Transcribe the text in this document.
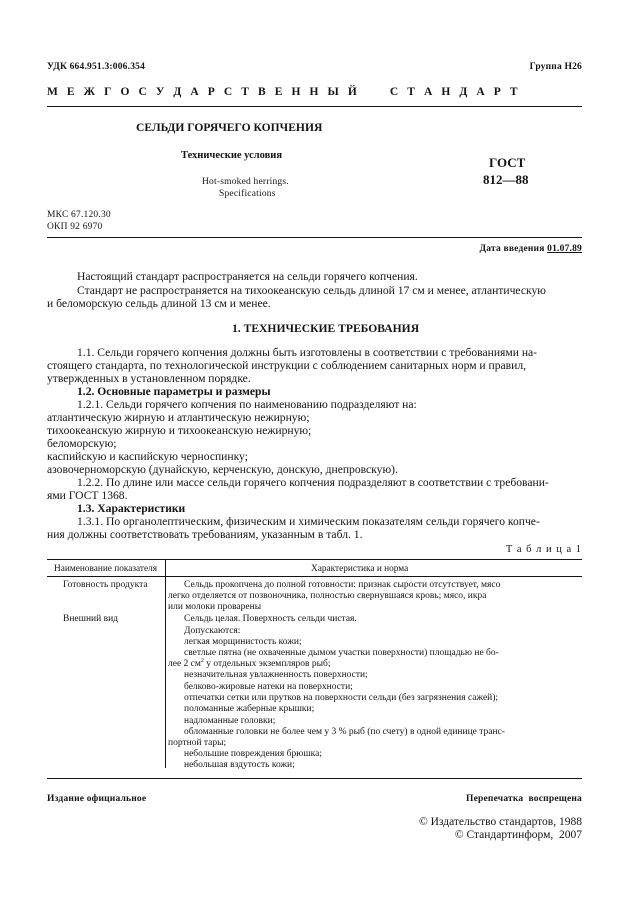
УДК 664.951.3:006.354	Группа Н26
М Е Ж Г О С У Д А Р С Т В Е Н Н Ы Й     С Т А Н Д А Р Т
СЕЛЬДИ ГОРЯЧЕГО КОПЧЕНИЯ
Технические условия
Hot-smoked herrings.
Specifications
ГОСТ
812—88
МКС 67.120.30
ОКП 92 6970
Дата введения 01.07.89
Настоящий стандарт распространяется на сельди горячего копчения.
Стандарт не распространяется на тихоокеанскую сельдь длиной 17 см и менее, атлантическую
и беломорскую сельдь длиной 13 см и менее.
1. ТЕХНИЧЕСКИЕ ТРЕБОВАНИЯ
1.1. Сельди горячего копчения должны быть изготовлены в соответствии с требованиями на-
стоящего стандарта, по технологической инструкции с соблюдением санитарных норм и правил,
утвержденных в установленном порядке.
1.2. Основные параметры и размеры
1.2.1. Сельди горячего копчения по наименованию подразделяют на:
атлантическую жирную и атлантическую нежирную;
тихоокеанскую жирную и тихоокеанскую нежирную;
беломорскую;
каспийскую и каспийскую черноспинку;
азовочерноморскую (дунайскую, керченскую, донскую, днепровскую).
1.2.2. По длине или массе сельди горячего копчения подразделяют в соответствии с требовани-
ями ГОСТ 1368.
1.3. Характеристики
1.3.1. По органолептическим, физическим и химическим показателям сельди горячего копче-
ния должны соответствовать требованиям, указанным в табл. 1.
Т а б л и ц а 1
Наименование показателя	Характеристика и норма
Готовность продукта	Сельдь прокопчена до полной готовности: признак сырости отсутствует, мясо
легко отделяется от позвоночника, полностью свернувшаяся кровь; мясо, икра
или молоки проварены
Внешний вид	Сельдь целая. Поверхность сельди чистая.
Допускаются:
легкая морщинистость кожи;
светлые пятна (не охваченные дымом участки поверхности) площадью не бо-
лее 2 $см^2$ у отдельных экземпляров рыб;
незначительная увлажненность поверхности;
белково-жировые натеки на поверхности;
отпечатки сетки или прутков на поверхности сельди (без загрязнения сажей);
поломанные жаберные крышки;
надломанные головки;
обломанные головки не более чем у 3 % рыб (по счету) в одной единице транс-
портной тары;
небольшие повреждения брюшка;
небольшая вздутость кожи;
Издание официальное	Перепечатка  воспрещена
© Издательство стандартов, 1988
© Стандартинформ,  2007
